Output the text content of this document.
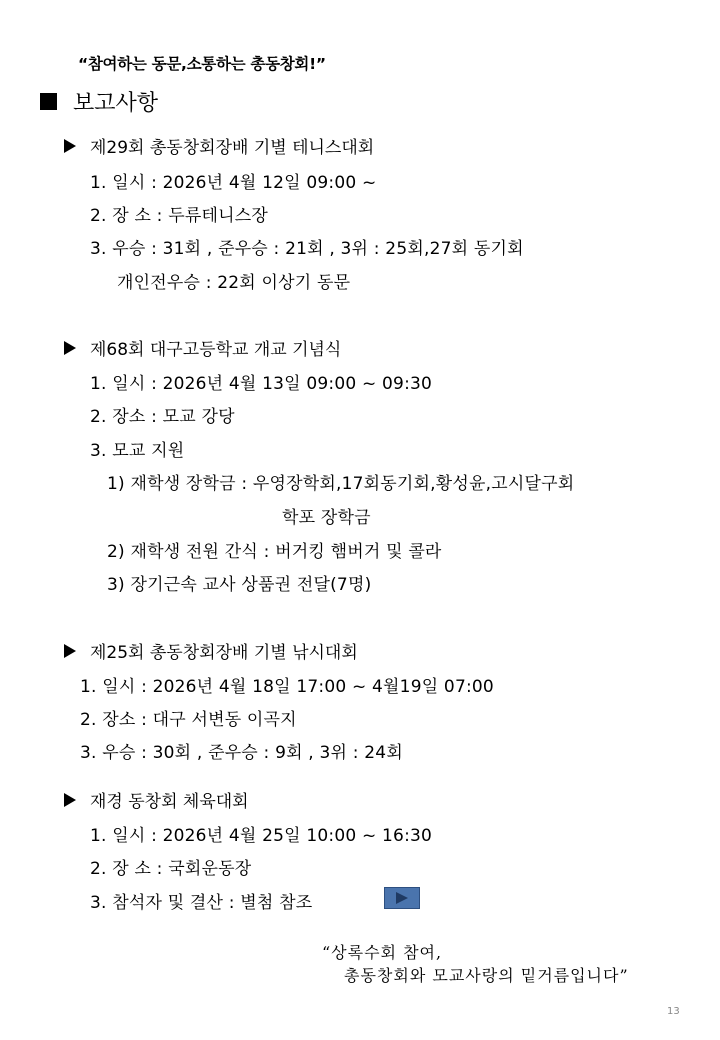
“참여하는 동문,소통하는 총동창회!”
보고사항
제29회 총동창회장배 기별 테니스대회
1. 일시 : 2026년 4월 12일 09:00 ~
2. 장 소 : 두류테니스장
3. 우승 : 31회 , 준우승 : 21회 , 3위 : 25회,27회 동기회
개인전우승 : 22회 이상기 동문
제68회 대구고등학교 개교 기념식
1. 일시 : 2026년 4월 13일 09:00 ~ 09:30
2. 장소 : 모교 강당
3. 모교 지원
1) 재학생 장학금 : 우영장학회,17회동기회,황성윤,고시달구회
학포 장학금
2) 재학생 전원 간식 : 버거킹 햄버거 및 콜라
3) 장기근속 교사 상품권 전달(7명)
제25회 총동창회장배 기별 낚시대회
1. 일시 : 2026년 4월 18일 17:00 ~ 4월19일 07:00
2. 장소 : 대구 서변동 이곡지
3. 우승 : 30회 , 준우승 : 9회 , 3위 : 24회
재경 동창회 체육대회
1. 일시 : 2026년 4월 25일 10:00 ~ 16:30
2. 장 소 : 국회운동장
3. 참석자 및 결산 : 별첨 참조
“상록수회 참여,
총동창회와 모교사랑의 밑거름입니다”
13
